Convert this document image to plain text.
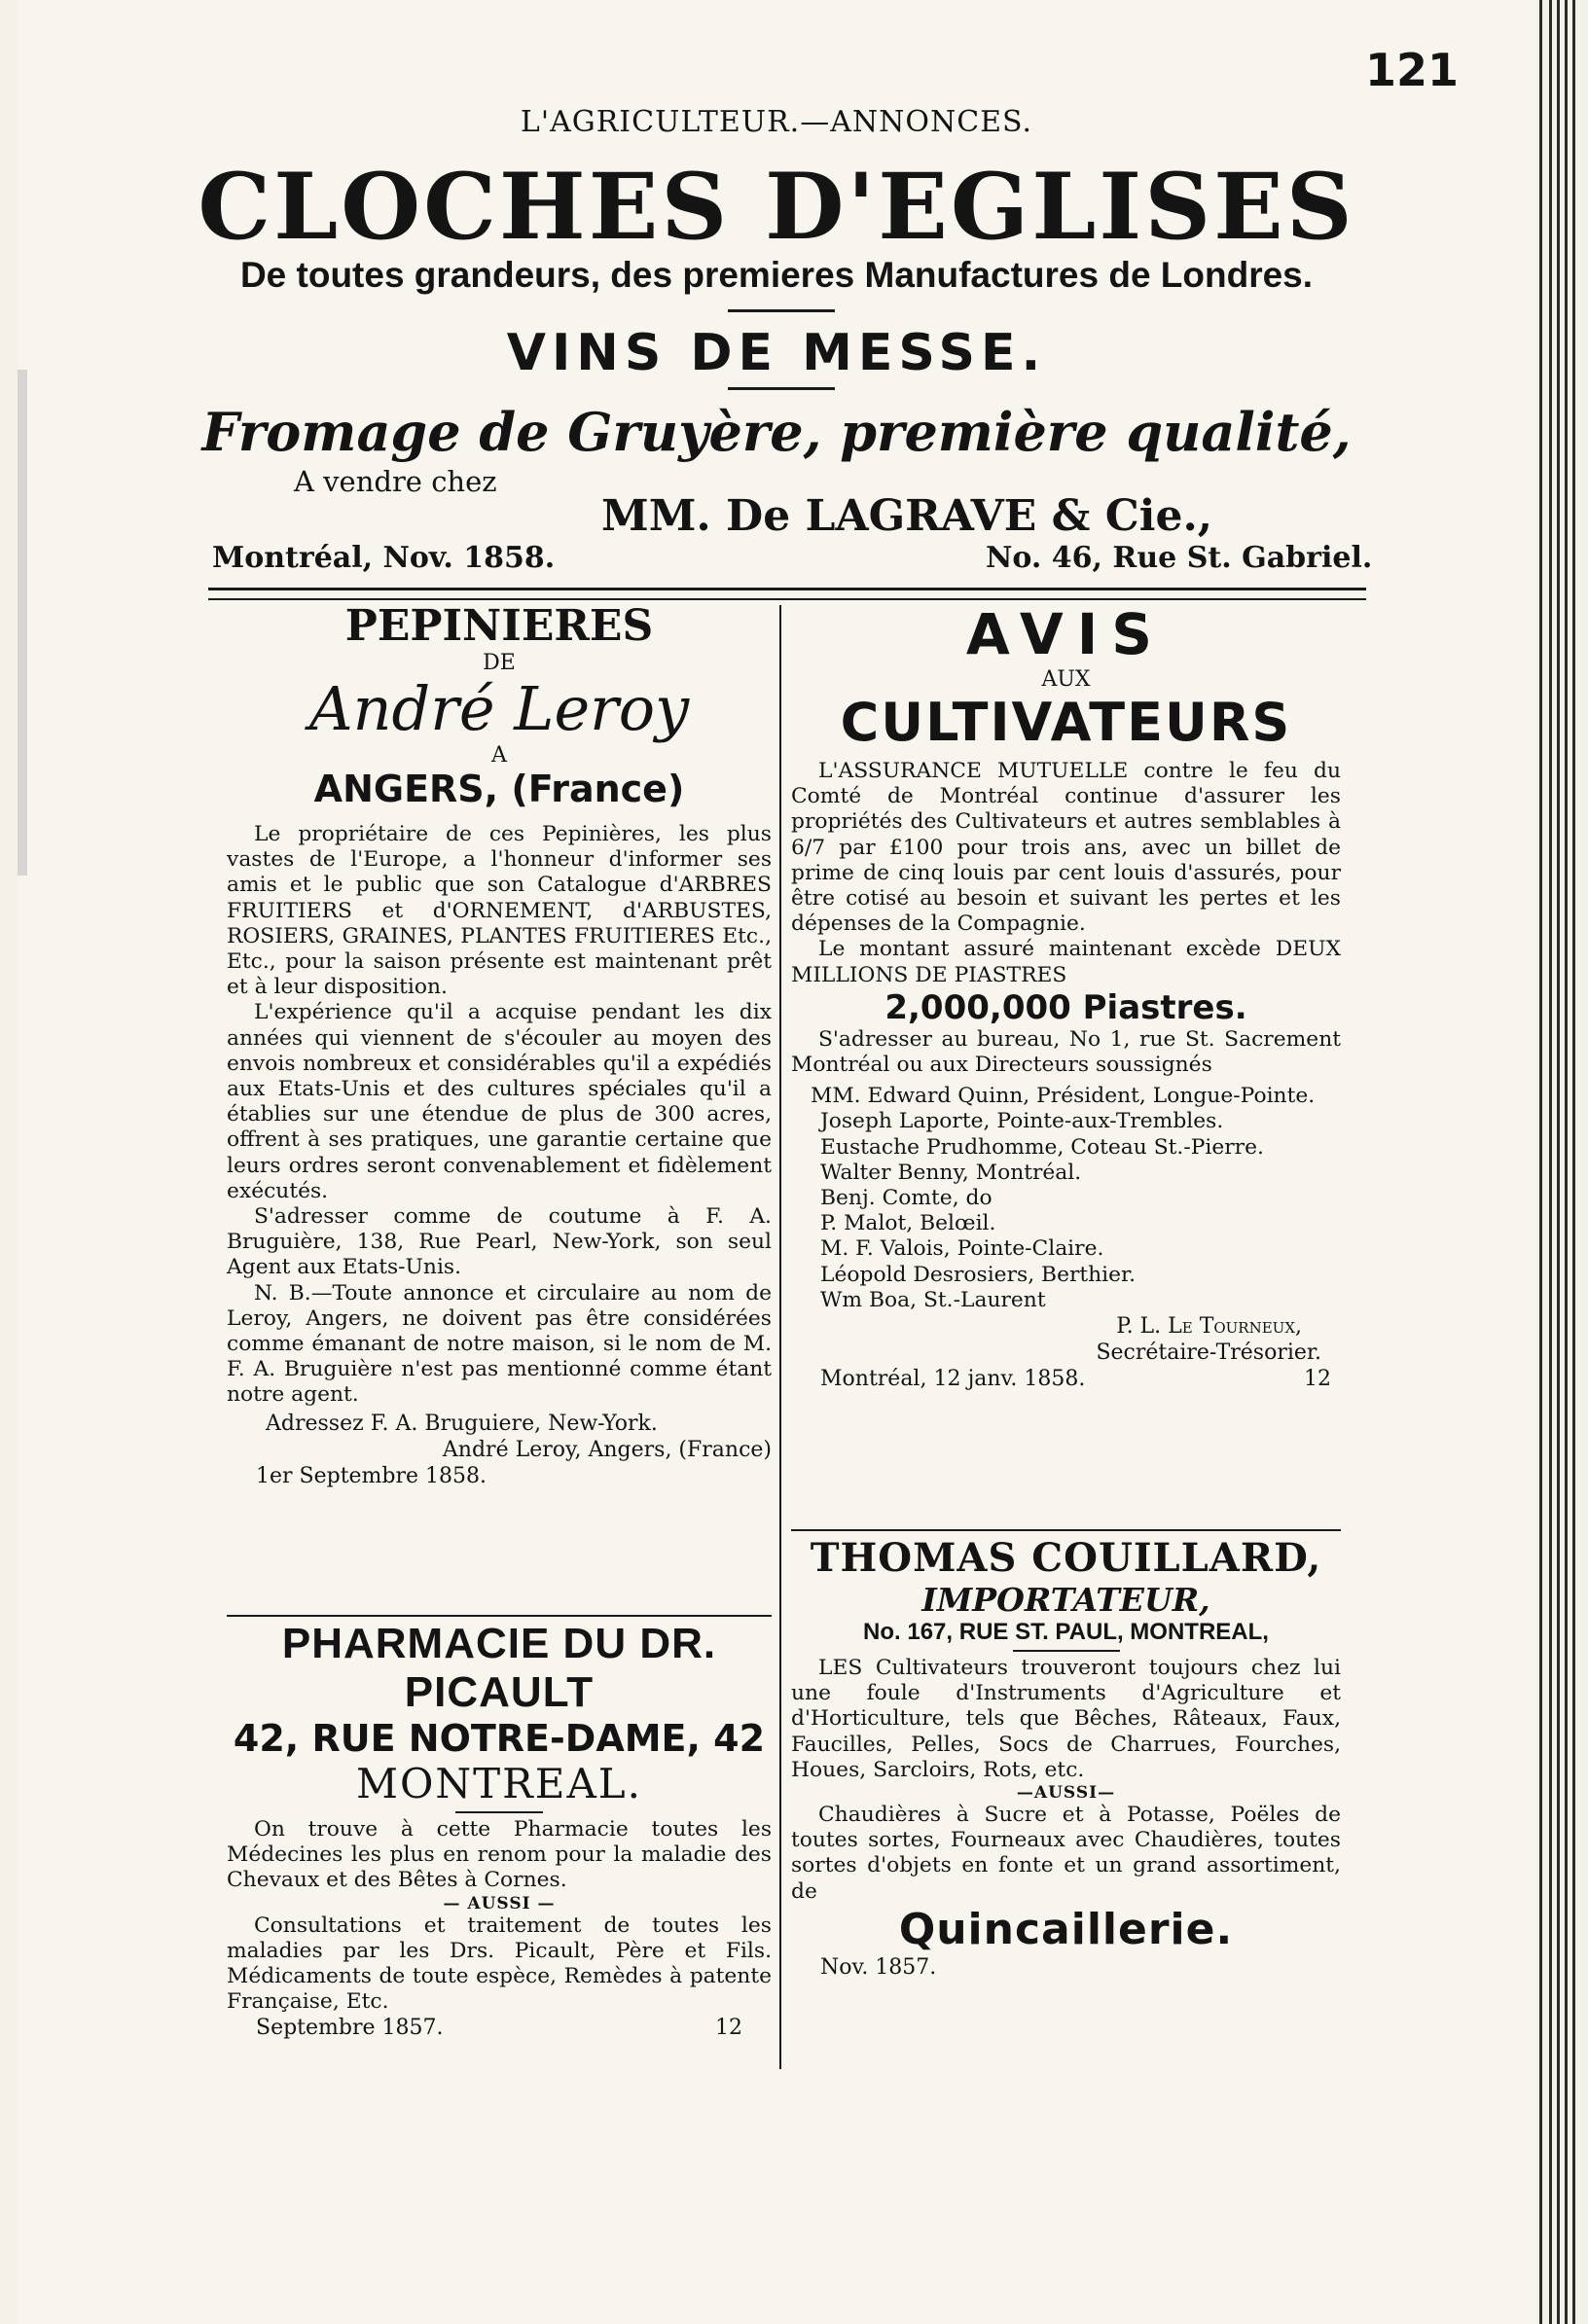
121
L'AGRICULTEUR.—ANNONCES.
CLOCHES D'EGLISES
De toutes grandeurs, des premieres Manufactures de Londres.
VINS DE MESSE.
Fromage de Gruyère, première qualité,
A vendre chez
MM. De LAGRAVE & Cie.,
Montréal, Nov. 1858.	No. 46, Rue St. Gabriel.
PEPINIERES
DE
André Leroy
A
ANGERS, (France)

Le propriétaire de ces Pepinières, les plus vastes de l'Europe, a l'honneur d'informer ses amis et le public que son Catalogue d'ARBRES FRUITIERS et d'ORNEMENT, d'ARBUSTES, ROSIERS, GRAINES, PLANTES FRUITIERES Etc., Etc., pour la saison présente est maintenant prêt et à leur disposition.

L'expérience qu'il a acquise pendant les dix années qui viennent de s'écouler au moyen des envois nombreux et considérables qu'il a expédiés aux Etats-Unis et des cultures spéciales qu'il a établies sur une étendue de plus de 300 acres, offrent à ses pratiques, une garantie certaine que leurs ordres seront convenablement et fidèlement exécutés.

S'adresser comme de coutume à F. A. Bruguière, 138, Rue Pearl, New-York, son seul Agent aux Etats-Unis.

N. B.—Toute annonce et circulaire au nom de Leroy, Angers, ne doivent pas être considérées comme émanant de notre maison, si le nom de M. F. A. Bruguière n'est pas mentionné comme étant notre agent.

Adressez F. A. Bruguiere, New-York.
André Leroy, Angers, (France)
1er Septembre 1858.
PHARMACIE DU DR. PICAULT
42, RUE NOTRE-DAME, 42
MONTREAL.

On trouve à cette Pharmacie toutes les Médecines les plus en renom pour la maladie des Chevaux et des Bêtes à Cornes.

— AUSSI —

Consultations et traitement de toutes les maladies par les Drs. Picault, Père et Fils. Médicaments de toute espèce, Remèdes à patente Française, Etc.

Septembre 1857.	12
AVIS
AUX
CULTIVATEURS

L'ASSURANCE MUTUELLE contre le feu du Comté de Montréal continue d'assurer les propriétés des Cultivateurs et autres semblables à 6/7 par £100 pour trois ans, avec un billet de prime de cinq louis par cent louis d'assurés, pour être cotisé au besoin et suivant les pertes et les dépenses de la Compagnie.

Le montant assuré maintenant excède DEUX MILLIONS DE PIASTRES

2,000,000 Piastres.

S'adresser au bureau, No 1, rue St. Sacrement Montréal ou aux Directeurs soussignés

MM. Edward Quinn, Président, Longue-Pointe.
Joseph Laporte, Pointe-aux-Trembles.
Eustache Prudhomme, Coteau St.-Pierre.
Walter Benny, Montréal.
Benj. Comte, do
P. Malot, Belœil.
M. F. Valois, Pointe-Claire.
Léopold Desrosiers, Berthier.
Wm Boa, St.-Laurent
P. L. Le Tourneux,
Secrétaire-Trésorier.
Montréal, 12 janv. 1858.	12
THOMAS COUILLARD,
IMPORTATEUR,
No. 167, RUE ST. PAUL, MONTREAL,

LES Cultivateurs trouveront toujours chez lui une foule d'Instruments d'Agriculture et d'Horticulture, tels que Bêches, Râteaux, Faux, Faucilles, Pelles, Socs de Charrues, Fourches, Houes, Sarcloirs, Rots, etc.

—AUSSI—

Chaudières à Sucre et à Potasse, Poëles de toutes sortes, Fourneaux avec Chaudières, toutes sortes d'objets en fonte et un grand assortiment, de

Quincaillerie.
Nov. 1857.
